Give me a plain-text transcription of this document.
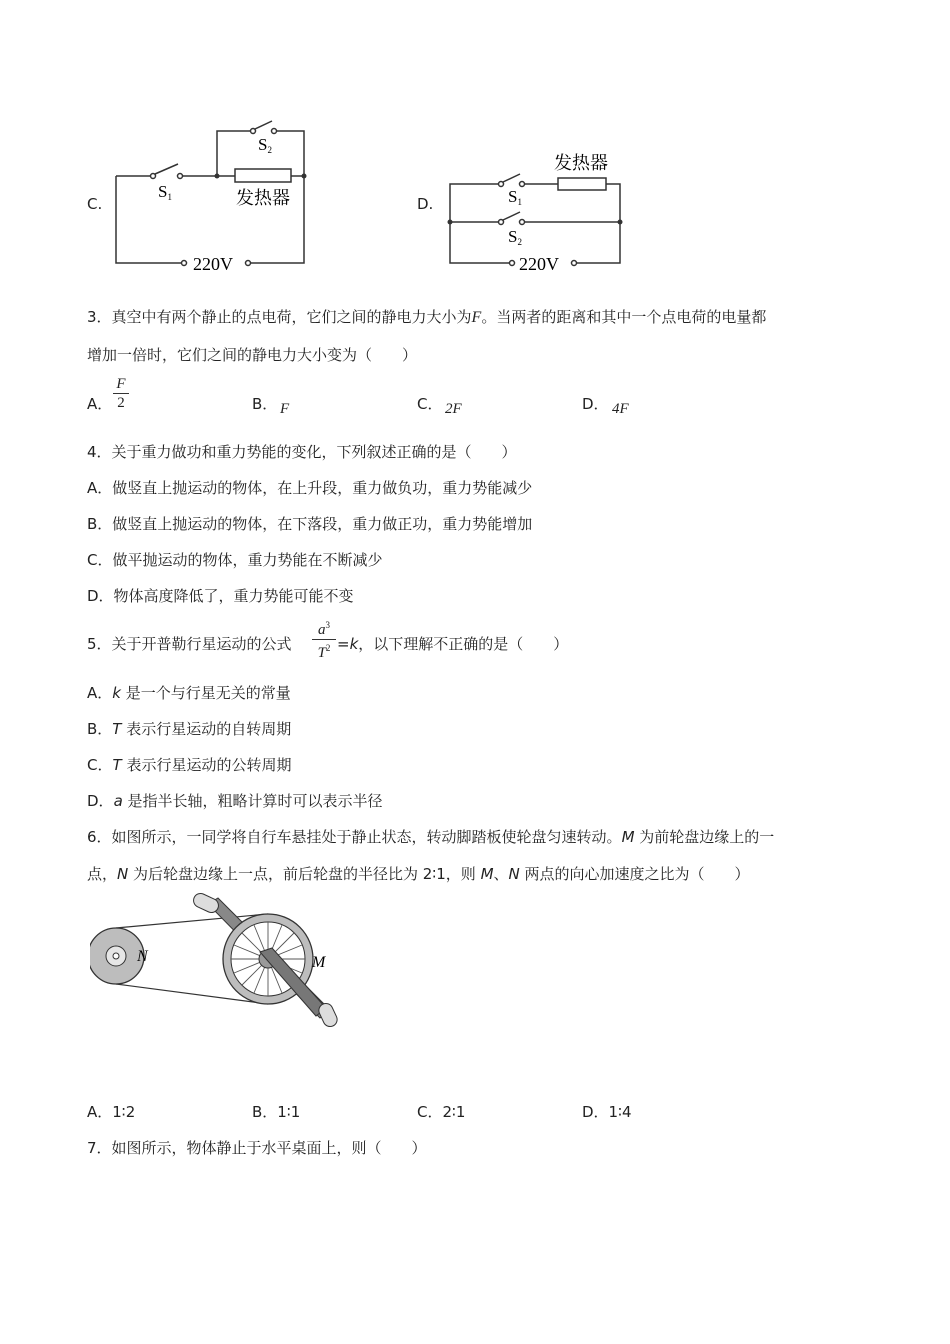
C.
S1
S2
发热器
220V
D.
发热器
S1
S2
220V
3．真空中有两个静止的点电荷，它们之间的静电力大小为F。当两者的距离和其中一个点电荷的电量都
增加一倍时，它们之间的静电力大小变为（　　）
A． $\frac{F}{2}$	B． F	C． 2F	D． 4F
4．关于重力做功和重力势能的变化，下列叙述正确的是（　　）
A．做竖直上抛运动的物体，在上升段，重力做负功，重力势能减少
B．做竖直上抛运动的物体，在下落段，重力做正功，重力势能增加
C．做平抛运动的物体，重力势能在不断减少
D．物体高度降低了，重力势能可能不变
5．关于开普勒行星运动的公式 $\frac{a^3}{T^2} =k$，以下理解不正确的是（　　）
A．k 是一个与行星无关的常量
B．T 表示行星运动的自转周期
C．T 表示行星运动的公转周期
D．a 是指半长轴，粗略计算时可以表示半径
6．如图所示，一同学将自行车悬挂处于静止状态，转动脚踏板使轮盘匀速转动。M 为前轮盘边缘上的一
点，N 为后轮盘边缘上一点，前后轮盘的半径比为 2∶1，则 M、N 两点的向心加速度之比为（　　）
N	M
A．1∶2	B．1∶1	C．2∶1	D．1∶4
7．如图所示，物体静止于水平桌面上，则（　　）
